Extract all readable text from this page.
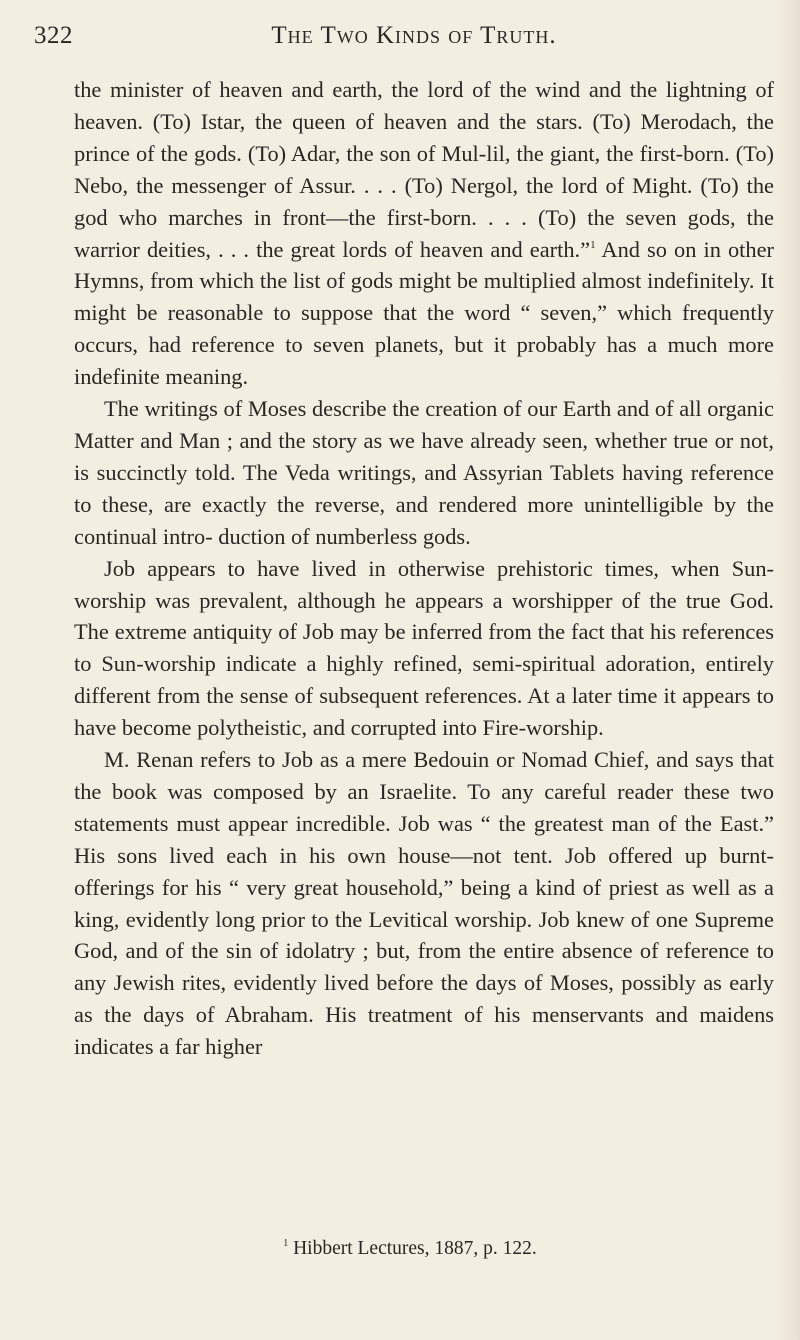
322	The Two Kinds of Truth.

the minister of heaven and earth, the lord of the wind and the lightning of heaven. (To) Istar, the queen of heaven and the stars. (To) Merodach, the prince of the gods. (To) Adar, the son of Mul-lil, the giant, the first-born. (To) Nebo, the messenger of Assur. . . . (To) Nergol, the lord of Might. (To) the god who marches in front—the first-born. . . . (To) the seven gods, the warrior deities, . . . the great lords of heaven and earth.”$^1$ And so on in other Hymns, from which the list of gods might be multiplied almost indefinitely. It might be reasonable to suppose that the word “ seven,” which frequently occurs, had reference to seven planets, but it probably has a much more indefinite meaning.

The writings of Moses describe the creation of our Earth and of all organic Matter and Man ; and the story as we have already seen, whether true or not, is succinctly told. The Veda writings, and Assyrian Tablets having reference to these, are exactly the reverse, and rendered more unintelligible by the continual intro- duction of numberless gods.

Job appears to have lived in otherwise prehistoric times, when Sun-worship was prevalent, although he appears a worshipper of the true God. The extreme antiquity of Job may be inferred from the fact that his references to Sun-worship indicate a highly refined, semi-spiritual adoration, entirely different from the sense of subsequent references. At a later time it appears to have become polytheistic, and corrupted into Fire-worship.

M. Renan refers to Job as a mere Bedouin or Nomad Chief, and says that the book was composed by an Israelite. To any careful reader these two statements must appear incredible. Job was “ the greatest man of the East.” His sons lived each in his own house—not tent. Job offered up burnt-offerings for his “ very great household,” being a kind of priest as well as a king, evidently long prior to the Levitical worship. Job knew of one Supreme God, and of the sin of idolatry ; but, from the entire absence of reference to any Jewish rites, evidently lived before the days of Moses, possibly as early as the days of Abraham. His treatment of his menservants and maidens indicates a far higher

$^1$ Hibbert Lectures, 1887, p. 122.
